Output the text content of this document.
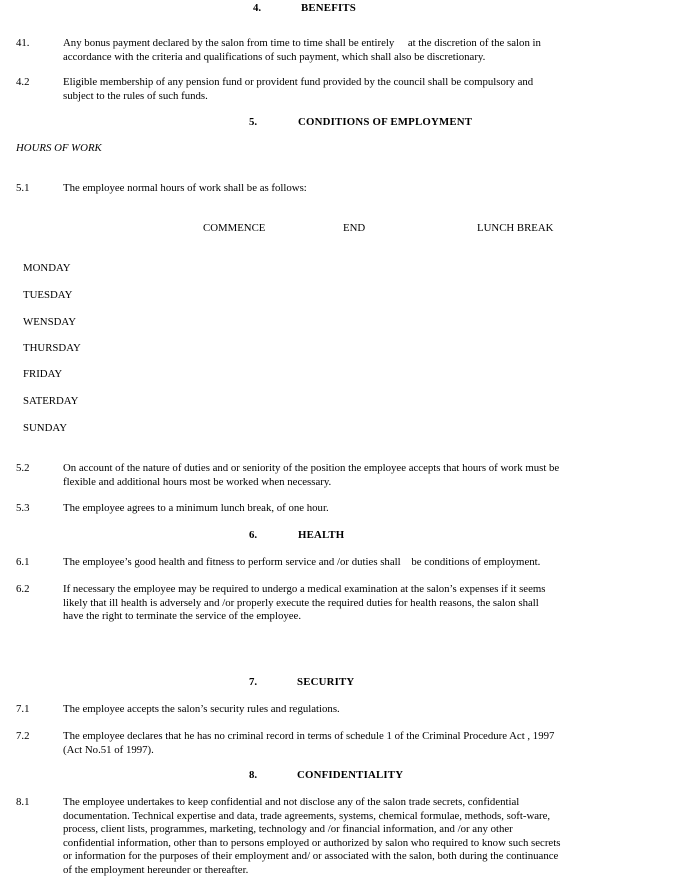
4.	BENEFITS
41.	Any bonus payment declared by the salon from time to time shall be entirely     at the discretion of the salon in
accordance with the criteria and qualifications of such payment, which shall also be discretionary.
4.2	Eligible membership of any pension fund or provident fund provided by the council shall be compulsory and
subject to the rules of such funds.
5.	CONDITIONS OF EMPLOYMENT
HOURS OF WORK
5.1	The employee normal hours of work shall be as follows:
COMMENCE	END	LUNCH BREAK
MONDAY
TUESDAY
WENSDAY
THURSDAY
FRIDAY
SATERDAY
SUNDAY
5.2	On account of the nature of duties and or seniority of the position the employee accepts that hours of work must be
flexible and additional hours most be worked when necessary.
5.3	The employee agrees to a minimum lunch break, of one hour.
6.	HEALTH
6.1	The employee’s good health and fitness to perform service and /or duties shall    be conditions of employment.
6.2	If necessary the employee may be required to undergo a medical examination at the salon’s expenses if it seems
likely that ill health is adversely and /or properly execute the required duties for health reasons, the salon shall
have the right to terminate the service of the employee.
7.	SECURITY
7.1	The employee accepts the salon’s security rules and regulations.
7.2	The employee declares that he has no criminal record in terms of schedule 1 of the Criminal Procedure Act , 1997
(Act No.51 of 1997).
8.	CONFIDENTIALITY
8.1	The employee undertakes to keep confidential and not disclose any of the salon trade secrets, confidential
documentation. Technical expertise and data, trade agreements, systems, chemical formulae, methods, soft-ware,
process, client lists, programmes, marketing, technology and /or financial information, and /or any other
confidential information, other than to persons employed or authorized by salon who required to know such secrets
or information for the purposes of their employment and/ or associated with the salon, both during the continuance
of the employment hereunder or thereafter.
